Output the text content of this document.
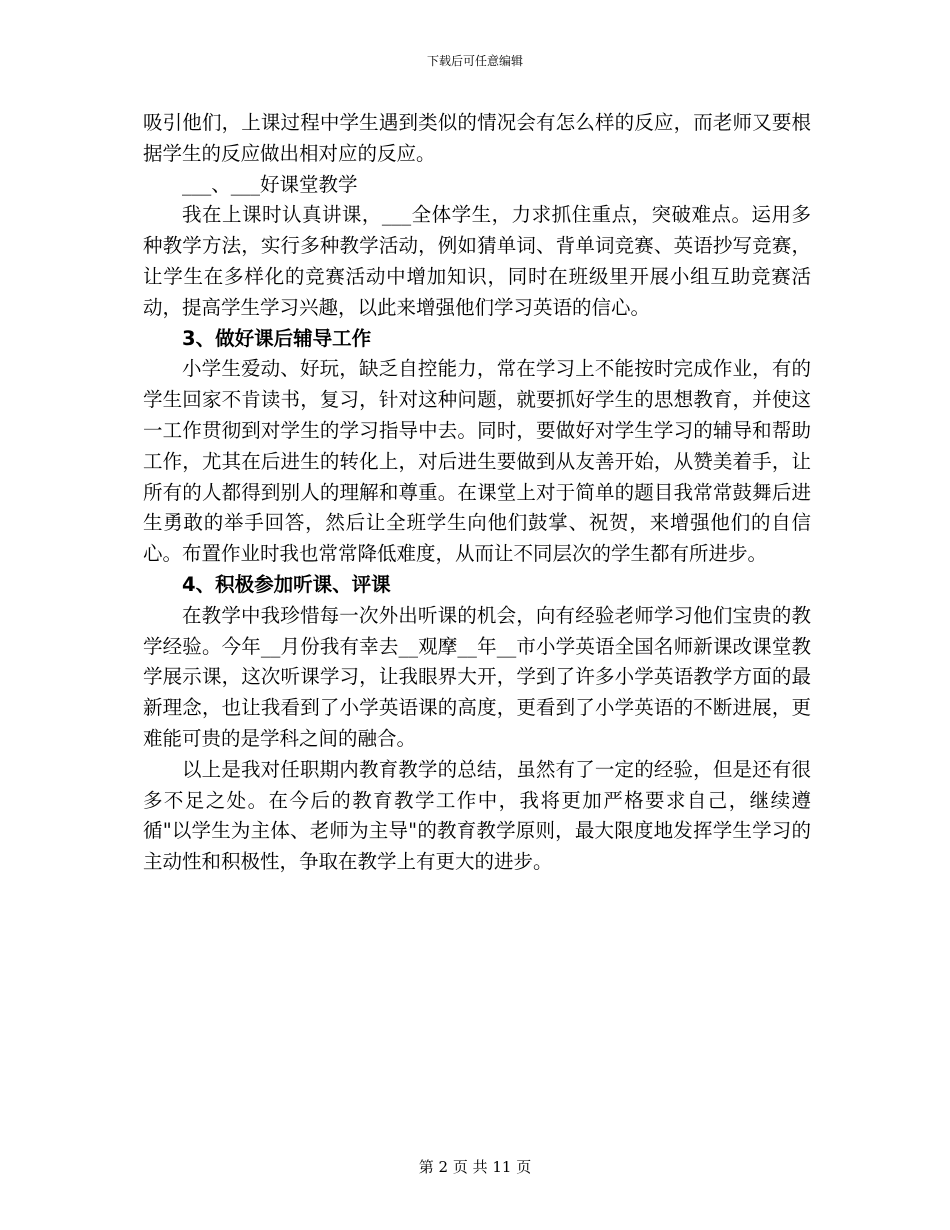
下载后可任意编辑

吸引他们，上课过程中学生遇到类似的情况会有怎么样的反应，而老师又要根据学生的反应做出相对应的反应。

___、___好课堂教学

我在上课时认真讲课，___全体学生，力求抓住重点，突破难点。运用多种教学方法，实行多种教学活动，例如猜单词、背单词竞赛、英语抄写竞赛，让学生在多样化的竞赛活动中增加知识，同时在班级里开展小组互助竞赛活动，提高学生学习兴趣，以此来增强他们学习英语的信心。

3、做好课后辅导工作

小学生爱动、好玩，缺乏自控能力，常在学习上不能按时完成作业，有的学生回家不肯读书，复习，针对这种问题，就要抓好学生的思想教育，并使这一工作贯彻到对学生的学习指导中去。同时，要做好对学生学习的辅导和帮助工作，尤其在后进生的转化上，对后进生要做到从友善开始，从赞美着手，让所有的人都得到别人的理解和尊重。在课堂上对于简单的题目我常常鼓舞后进生勇敢的举手回答，然后让全班学生向他们鼓掌、祝贺，来增强他们的自信心。布置作业时我也常常降低难度，从而让不同层次的学生都有所进步。

4、积极参加听课、评课

在教学中我珍惜每一次外出听课的机会，向有经验老师学习他们宝贵的教学经验。今年__月份我有幸去__观摩__年__市小学英语全国名师新课改课堂教学展示课，这次听课学习，让我眼界大开，学到了许多小学英语教学方面的最新理念，也让我看到了小学英语课的高度，更看到了小学英语的不断进展，更难能可贵的是学科之间的融合。

以上是我对任职期内教育教学的总结，虽然有了一定的经验，但是还有很多不足之处。在今后的教育教学工作中，我将更加严格要求自己，继续遵循"以学生为主体、老师为主导"的教育教学原则，最大限度地发挥学生学习的主动性和积极性，争取在教学上有更大的进步。

第 2 页 共 11 页
